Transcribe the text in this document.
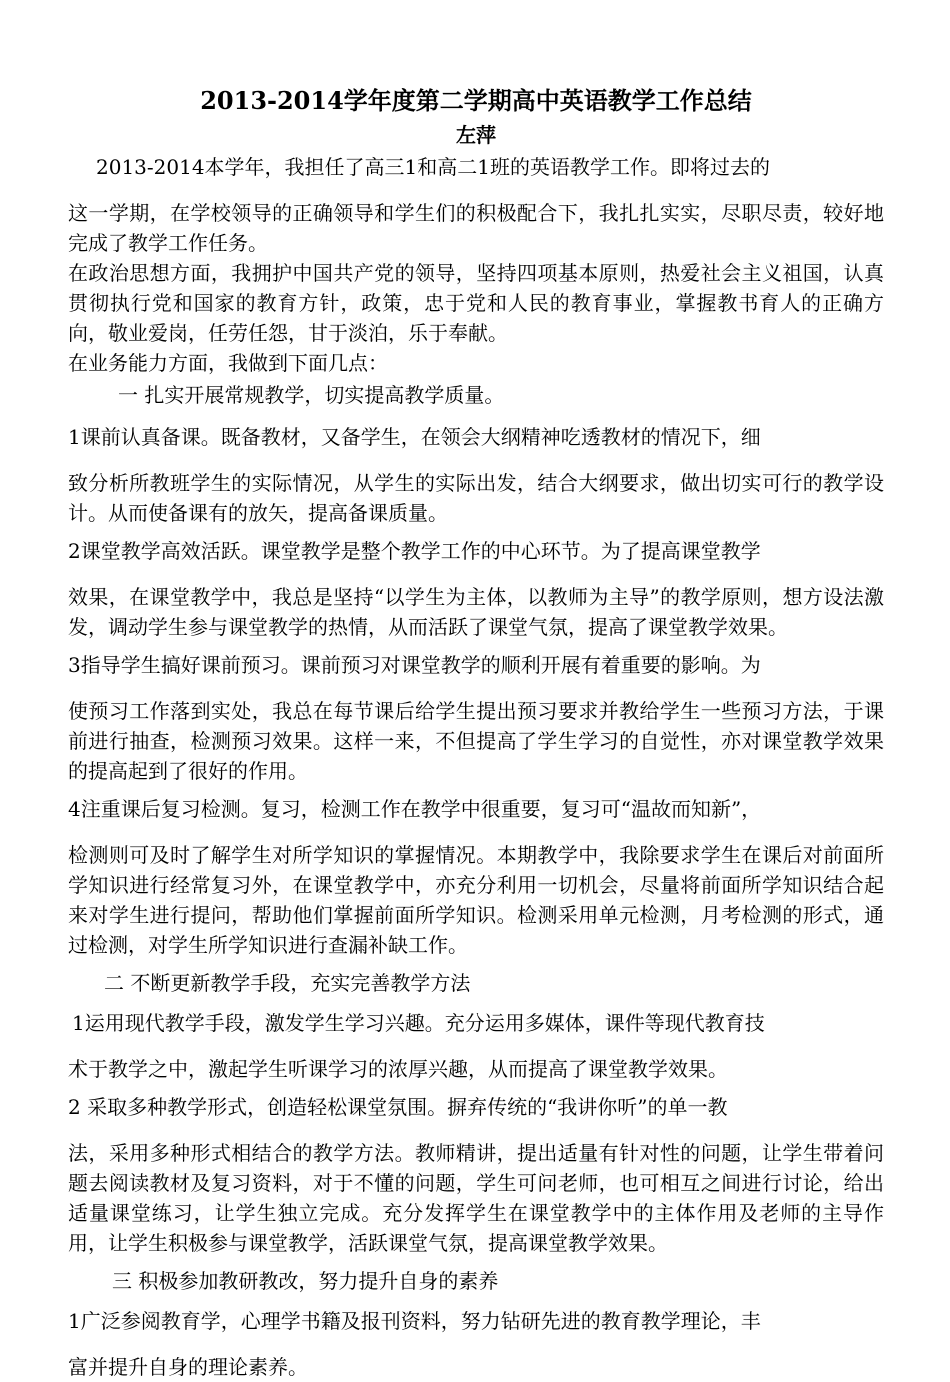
2013-2014学年度第二学期高中英语教学工作总结
左萍
2013-2014本学年，我担任了高三1和高二1班的英语教学工作。即将过去的
这一学期，在学校领导的正确领导和学生们的积极配合下，我扎扎实实，尽职尽责，较好地完成了教学工作任务。
在政治思想方面，我拥护中国共产党的领导，坚持四项基本原则，热爱社会主义祖国，认真贯彻执行党和国家的教育方针，政策，忠于党和人民的教育事业，掌握教书育人的正确方向，敬业爱岗，任劳任怨，甘于淡泊，乐于奉献。
在业务能力方面，我做到下面几点：
一 扎实开展常规教学，切实提高教学质量。
1课前认真备课。既备教材，又备学生，在领会大纲精神吃透教材的情况下，细
致分析所教班学生的实际情况，从学生的实际出发，结合大纲要求，做出切实可行的教学设计。从而使备课有的放矢，提高备课质量。
2课堂教学高效活跃。课堂教学是整个教学工作的中心环节。为了提高课堂教学
效果，在课堂教学中，我总是坚持“以学生为主体，以教师为主导”的教学原则，想方设法激发，调动学生参与课堂教学的热情，从而活跃了课堂气氛，提高了课堂教学效果。
3指导学生搞好课前预习。课前预习对课堂教学的顺利开展有着重要的影响。为
使预习工作落到实处，我总在每节课后给学生提出预习要求并教给学生一些预习方法，于课前进行抽查，检测预习效果。这样一来，不但提高了学生学习的自觉性，亦对课堂教学效果的提高起到了很好的作用。
4注重课后复习检测。复习，检测工作在教学中很重要，复习可“温故而知新”，
检测则可及时了解学生对所学知识的掌握情况。本期教学中，我除要求学生在课后对前面所学知识进行经常复习外，在课堂教学中，亦充分利用一切机会，尽量将前面所学知识结合起来对学生进行提问，帮助他们掌握前面所学知识。检测采用单元检测，月考检测的形式，通过检测，对学生所学知识进行查漏补缺工作。
二 不断更新教学手段，充实完善教学方法
1运用现代教学手段，激发学生学习兴趣。充分运用多媒体，课件等现代教育技
术于教学之中，激起学生听课学习的浓厚兴趣，从而提高了课堂教学效果。
2 采取多种教学形式，创造轻松课堂氛围。摒弃传统的“我讲你听”的单一教
法，采用多种形式相结合的教学方法。教师精讲，提出适量有针对性的问题，让学生带着问题去阅读教材及复习资料，对于不懂的问题，学生可问老师，也可相互之间进行讨论，给出适量课堂练习，让学生独立完成。充分发挥学生在课堂教学中的主体作用及老师的主导作用，让学生积极参与课堂教学，活跃课堂气氛，提高课堂教学效果。
三 积极参加教研教改，努力提升自身的素养
1广泛参阅教育学，心理学书籍及报刊资料，努力钻研先进的教育教学理论，丰
富并提升自身的理论素养。
